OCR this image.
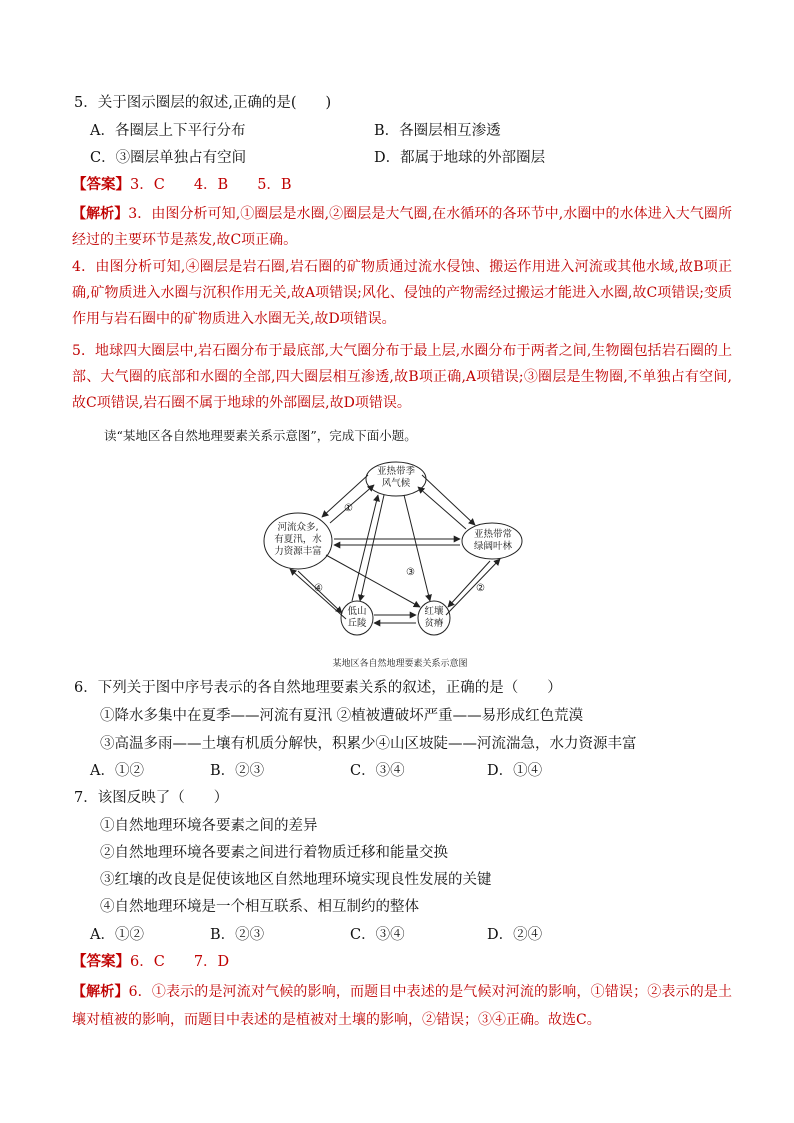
5．关于图示圈层的叙述,正确的是(　　)
A．各圈层上下平行分布	B．各圈层相互渗透
C．③圈层单独占有空间	D．都属于地球的外部圈层
【答案】3．C　　4．B　　5．B
【解析】3．由图分析可知,①圈层是水圈,②圈层是大气圈,在水循环的各环节中,水圈中的水体进入大气圈所经过的主要环节是蒸发,故C项正确。
4．由图分析可知,④圈层是岩石圈,岩石圈的矿物质通过流水侵蚀、搬运作用进入河流或其他水域,故B项正确,矿物质进入水圈与沉积作用无关,故A项错误;风化、侵蚀的产物需经过搬运才能进入水圈,故C项错误;变质作用与岩石圈中的矿物质进入水圈无关,故D项错误。
5．地球四大圈层中,岩石圈分布于最底部,大气圈分布于最上层,水圈分布于两者之间,生物圈包括岩石圈的上部、大气圈的底部和水圈的全部,四大圈层相互渗透,故B项正确,A项错误;③圈层是生物圈,不单独占有空间,故C项错误,岩石圈不属于地球的外部圈层,故D项错误。
读“某地区各自然地理要素关系示意图”，完成下面小题。
亚热带季
风气候
河流众多,
有夏汛，水
力资源丰富
亚热带常
绿阔叶林
低山
丘陵
红壤
贫瘠
①
②
③
④
某地区各自然地理要素关系示意图
6．下列关于图中序号表示的各自然地理要素关系的叙述，正确的是（　　）
①降水多集中在夏季——河流有夏汛 ②植被遭破坏严重——易形成红色荒漠
③高温多雨——土壤有机质分解快，积累少④山区坡陡——河流湍急，水力资源丰富
A．①②	B．②③	C．③④	D．①④
7．该图反映了（　　）
①自然地理环境各要素之间的差异
②自然地理环境各要素之间进行着物质迁移和能量交换
③红壤的改良是促使该地区自然地理环境实现良性发展的关键
④自然地理环境是一个相互联系、相互制约的整体
A．①②	B．②③	C．③④	D．②④
【答案】6．C　　7．D
【解析】6．①表示的是河流对气候的影响，而题目中表述的是气候对河流的影响，①错误；②表示的是土壤对植被的影响，而题目中表述的是植被对土壤的影响，②错误；③④正确。故选C。
